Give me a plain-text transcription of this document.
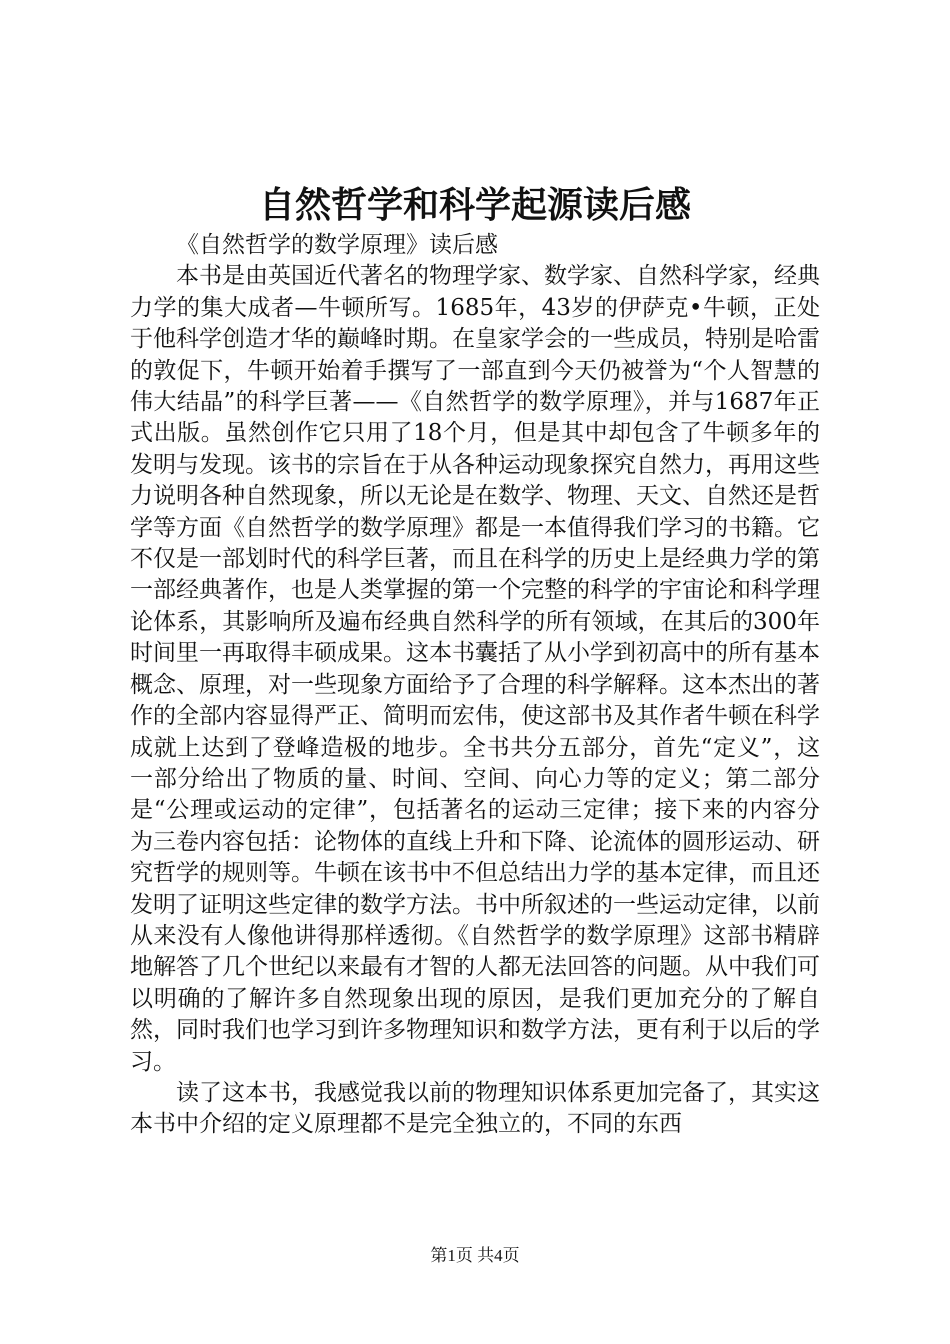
自然哲学和科学起源读后感

《自然哲学的数学原理》读后感

本书是由英国近代著名的物理学家、数学家、自然科学家，经典力学的集大成者—牛顿所写。1685年，43岁的伊萨克•牛顿，正处于他科学创造才华的巅峰时期。在皇家学会的一些成员，特别是哈雷的敦促下，牛顿开始着手撰写了一部直到今天仍被誉为“个人智慧的伟大结晶”的科学巨著——《自然哲学的数学原理》，并与1687年正式出版。虽然创作它只用了18个月，但是其中却包含了牛顿多年的发明与发现。该书的宗旨在于从各种运动现象探究自然力，再用这些力说明各种自然现象，所以无论是在数学、物理、天文、自然还是哲学等方面《自然哲学的数学原理》都是一本值得我们学习的书籍。它不仅是一部划时代的科学巨著，而且在科学的历史上是经典力学的第一部经典著作，也是人类掌握的第一个完整的科学的宇宙论和科学理论体系，其影响所及遍布经典自然科学的所有领域，在其后的300年时间里一再取得丰硕成果。这本书囊括了从小学到初高中的所有基本概念、原理，对一些现象方面给予了合理的科学解释。这本杰出的著作的全部内容显得严正、简明而宏伟，使这部书及其作者牛顿在科学成就上达到了登峰造极的地步。全书共分五部分，首先“定义”，这一部分给出了物质的量、时间、空间、向心力等的定义；第二部分是“公理或运动的定律”，包括著名的运动三定律；接下来的内容分为三卷内容包括：论物体的直线上升和下降、论流体的圆形运动、研究哲学的规则等。牛顿在该书中不但总结出力学的基本定律，而且还发明了证明这些定律的数学方法。书中所叙述的一些运动定律，以前从来没有人像他讲得那样透彻。《自然哲学的数学原理》这部书精辟地解答了几个世纪以来最有才智的人都无法回答的问题。从中我们可以明确的了解许多自然现象出现的原因，是我们更加充分的了解自然，同时我们也学习到许多物理知识和数学方法，更有利于以后的学习。

读了这本书，我感觉我以前的物理知识体系更加完备了，其实这本书中介绍的定义原理都不是完全独立的，不同的东西

第1页 共4页
